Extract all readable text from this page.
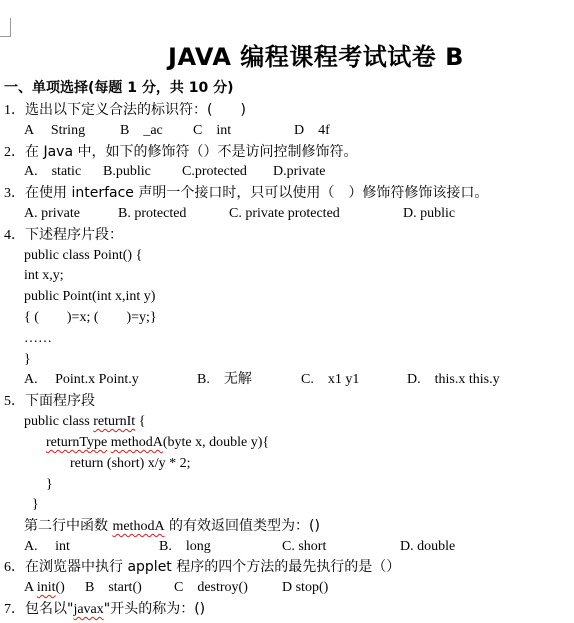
JAVA 编程课程考试试卷 B
一、单项选择(每题 1 分，共 10 分)
1．选出以下定义合法的标识符：(　　)
A　 String B　_ac C　int	D　4f
2．在 Java 中，如下的修饰符（）不是访问控制修饰符。
A.　static B.public C.protected D.private
3．在使用 interface 声明一个接口时，只可以使用（　）修饰符修饰该接口。
A. private	B. protected	C. private protected	D. public
4．下述程序片段：
public class Point() {
int x,y;
public Point(int x,int y)
{ (　　)=x; (　　)=y;}
……
}
A.　 Point.x Point.y	B.　无解	C.　x1 y1	D.　this.x this.y
5．下面程序段
public class returnIt {
returnType methodA(byte x, double y){
return (short) x/y * 2;
}
}
第二行中函数 methodA 的有效返回值类型为：()
A.　 int	B.　long	C. short	D. double
6．在浏览器中执行 applet 程序的四个方法的最先执行的是（）
A init() B　start() C　destroy() D stop()
7．包名以"javax"开头的称为：()
